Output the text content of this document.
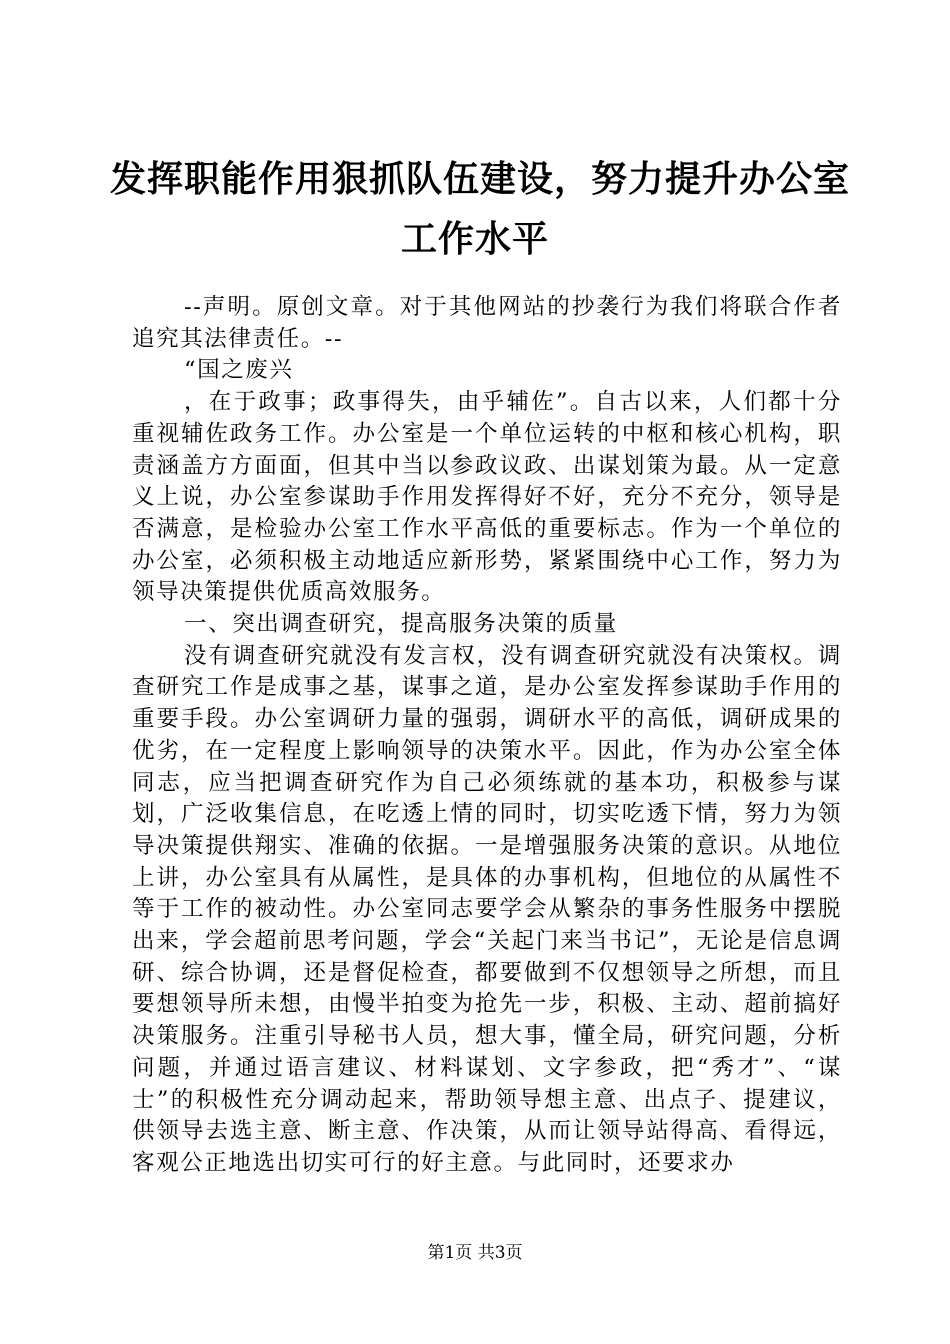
发挥职能作用狠抓队伍建设，努力提升办公室
工作水平

--声明。原创文章。对于其他网站的抄袭行为我们将联合作者追究其法律责任。--

“国之废兴

，在于政事；政事得失，由乎辅佐”。自古以来，人们都十分重视辅佐政务工作。办公室是一个单位运转的中枢和核心机构，职责涵盖方方面面，但其中当以参政议政、出谋划策为最。从一定意义上说，办公室参谋助手作用发挥得好不好，充分不充分，领导是否满意，是检验办公室工作水平高低的重要标志。作为一个单位的办公室，必须积极主动地适应新形势，紧紧围绕中心工作，努力为领导决策提供优质高效服务。

一、突出调查研究，提高服务决策的质量

没有调查研究就没有发言权，没有调查研究就没有决策权。调查研究工作是成事之基，谋事之道，是办公室发挥参谋助手作用的重要手段。办公室调研力量的强弱，调研水平的高低，调研成果的优劣，在一定程度上影响领导的决策水平。因此，作为办公室全体同志，应当把调查研究作为自己必须练就的基本功，积极参与谋划，广泛收集信息，在吃透上情的同时，切实吃透下情，努力为领导决策提供翔实、准确的依据。一是增强服务决策的意识。从地位上讲，办公室具有从属性，是具体的办事机构，但地位的从属性不等于工作的被动性。办公室同志要学会从繁杂的事务性服务中摆脱出来，学会超前思考问题，学会“关起门来当书记”，无论是信息调研、综合协调，还是督促检查，都要做到不仅想领导之所想，而且要想领导所未想，由慢半拍变为抢先一步，积极、主动、超前搞好决策服务。注重引导秘书人员，想大事，懂全局，研究问题，分析问题，并通过语言建议、材料谋划、文字参政，把“秀才”、“谋士”的积极性充分调动起来，帮助领导想主意、出点子、提建议，供领导去选主意、断主意、作决策，从而让领导站得高、看得远，客观公正地选出切实可行的好主意。与此同时，还要求办

第1页 共3页
